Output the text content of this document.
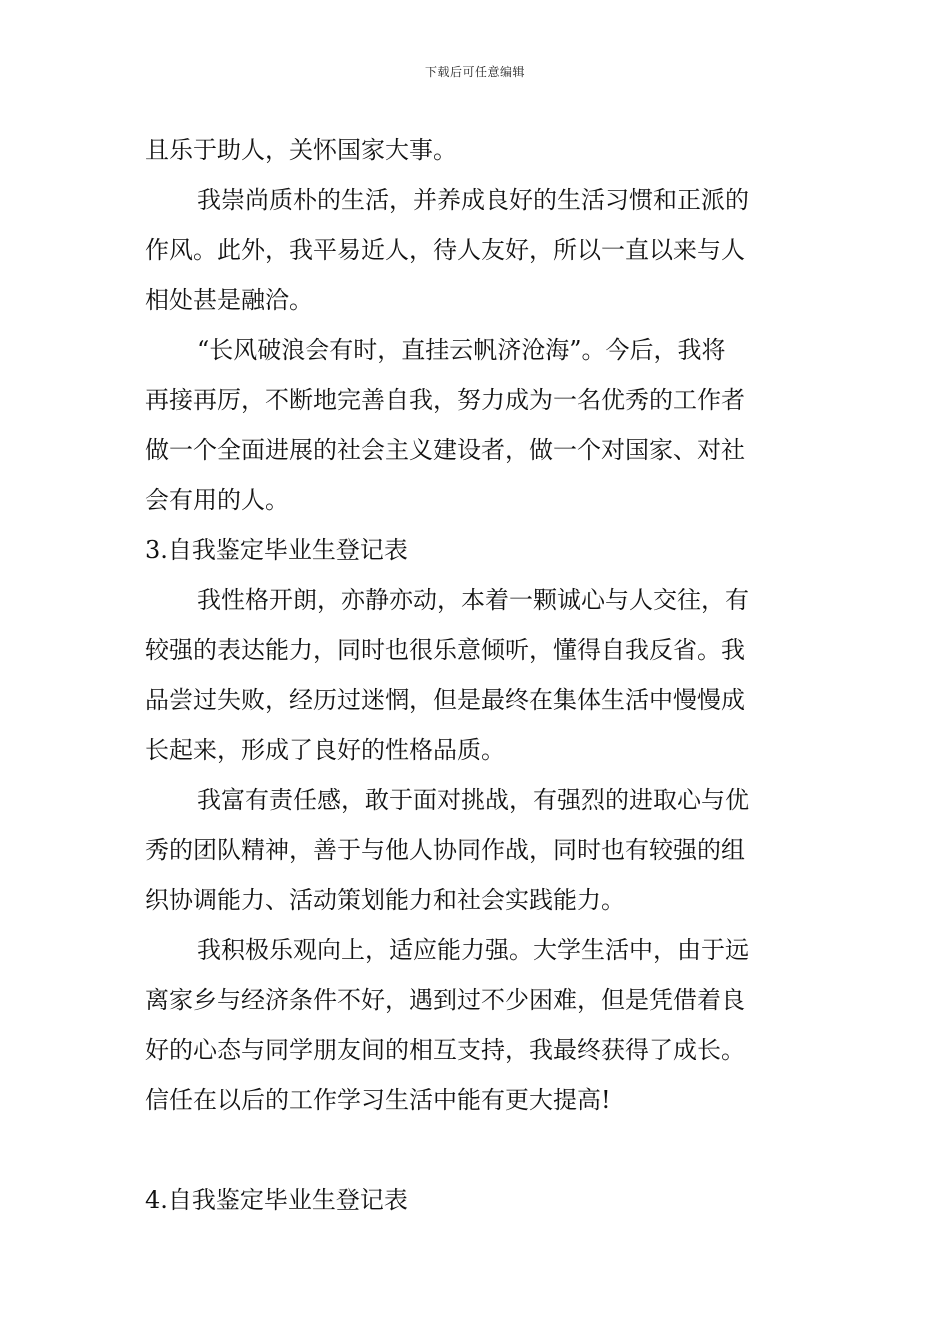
下载后可任意编辑
且乐于助人，关怀国家大事。
我崇尚质朴的生活，并养成良好的生活习惯和正派的
作风。此外，我平易近人，待人友好，所以一直以来与人
相处甚是融洽。
“长风破浪会有时，直挂云帆济沧海”。今后，我将
再接再厉，不断地完善自我，努力成为一名优秀的工作者
做一个全面进展的社会主义建设者，做一个对国家、对社
会有用的人。
3.自我鉴定毕业生登记表
我性格开朗，亦静亦动，本着一颗诚心与人交往，有
较强的表达能力，同时也很乐意倾听，懂得自我反省。我
品尝过失败，经历过迷惘，但是最终在集体生活中慢慢成
长起来，形成了良好的性格品质。
我富有责任感，敢于面对挑战，有强烈的进取心与优
秀的团队精神，善于与他人协同作战，同时也有较强的组
织协调能力、活动策划能力和社会实践能力。
我积极乐观向上，适应能力强。大学生活中，由于远
离家乡与经济条件不好，遇到过不少困难，但是凭借着良
好的心态与同学朋友间的相互支持，我最终获得了成长。
信任在以后的工作学习生活中能有更大提高!
4.自我鉴定毕业生登记表
